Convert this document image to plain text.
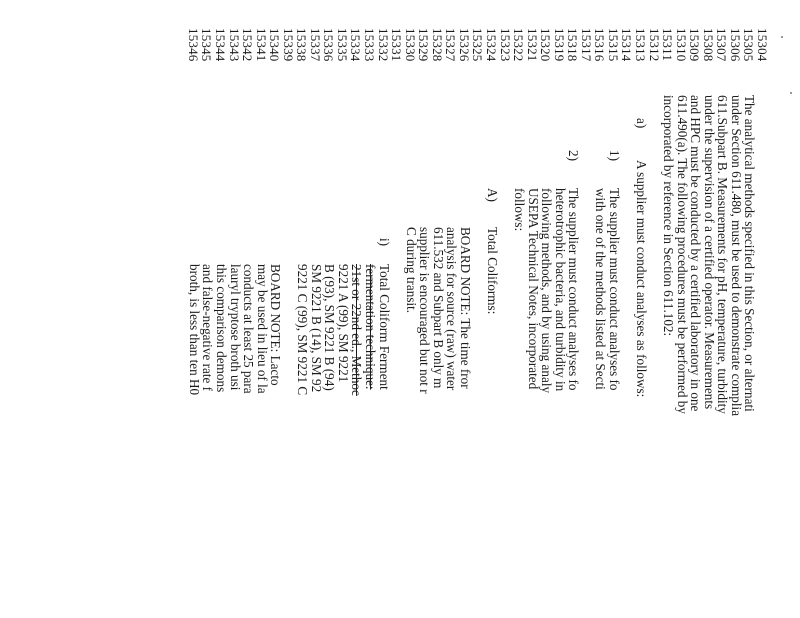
15304
15305
15306
15307
15308
15309
15310
15311
15312
15313
15314
15315
15316
15317
15318
15319
15320
15321
15322
15323
15324
15325
15326
15327
15328
15329
15330
15331
15332
15333
15334
15335
15336
15337
15338
15339
15340
15341
15342
15343
15344
15345
15346
The analytical methods specified in this Section, or alternati
under Section 611.480, must be used to demonstrate complia
611.Subpart B. Measurements for pH, temperature, turbidity
under the supervision of a certified operator. Measurements
and HPC must be conducted by a certified laboratory in one
611.490(a). The following procedures must be performed by
incorporated by reference in Section 611.102:
a)
A supplier must conduct analyses as follows:
1)
The supplier must conduct analyses fo
with one of the methods listed at Secti
2)
The supplier must conduct analyses fo
heterotrophic bacteria, and turbidity in
following methods, and by using analy
USEPA Technical Notes, incorporated
follows:
A)
Total Coliforms:
BOARD NOTE: The time fror
analysis for source (raw) water
611.532 and Subpart B only m
supplier is encouraged but not r
C during transit.
i)
Total Coliform Ferment
fermentation technique:
21st or 22nd ed., Methoc
9221 A (99), SM 9221
B (93), SM 9221 B (94)
SM 9221 B (14), SM 92
9221 C (99), SM 9221 C
BOARD NOTE: Lacto
may be used in lieu of la
conducts at least 25 para
lauryl tryptose broth usi
this comparison demons
and false-negative rate f
broth, is less than ten H0
